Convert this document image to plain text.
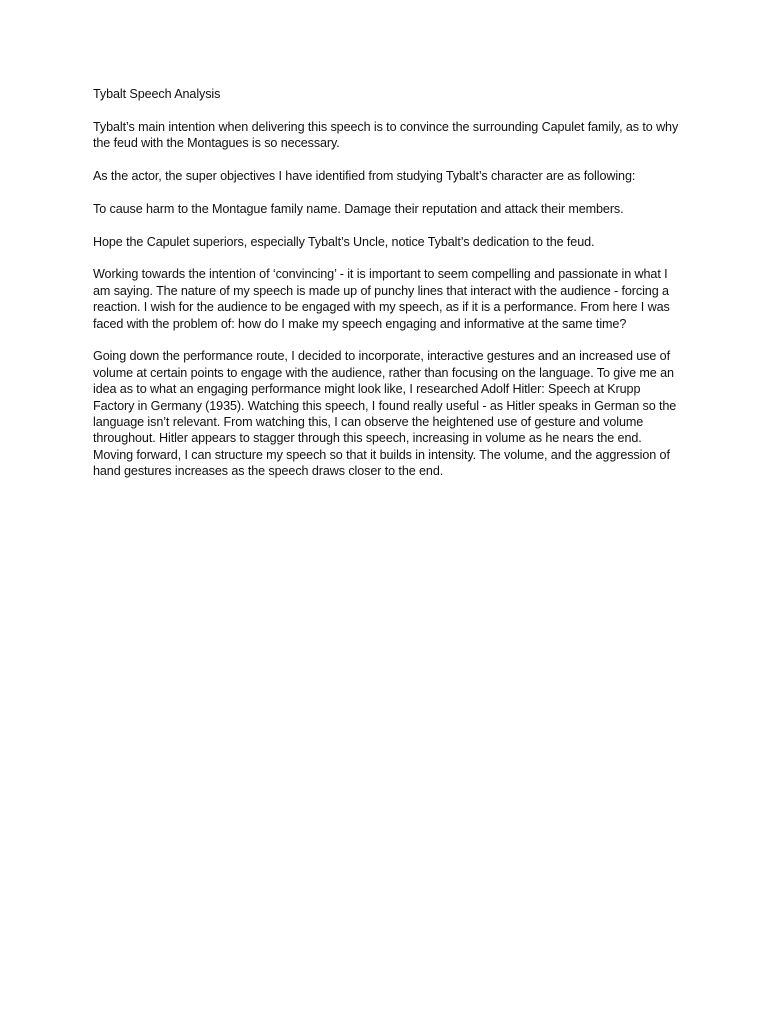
Tybalt Speech Analysis

Tybalt’s main intention when delivering this speech is to convince the surrounding Capulet family, as to why the feud with the Montagues is so necessary.

As the actor, the super objectives I have identified from studying Tybalt’s character are as following:

To cause harm to the Montague family name. Damage their reputation and attack their members.

Hope the Capulet superiors, especially Tybalt’s Uncle, notice Tybalt’s dedication to the feud.

Working towards the intention of ‘convincing’ - it is important to seem compelling and passionate in what I am saying. The nature of my speech is made up of punchy lines that interact with the audience - forcing a reaction. I wish for the audience to be engaged with my speech, as if it is a performance. From here I was faced with the problem of: how do I make my speech engaging and informative at the same time?

Going down the performance route, I decided to incorporate, interactive gestures and an increased use of volume at certain points to engage with the audience, rather than focusing on the language. To give me an idea as to what an engaging performance might look like, I researched Adolf Hitler: Speech at Krupp Factory in Germany (1935). Watching this speech, I found really useful - as Hitler speaks in German so the language isn’t relevant. From watching this, I can observe the heightened use of gesture and volume throughout. Hitler appears to stagger through this speech, increasing in volume as he nears the end. Moving forward, I can structure my speech so that it builds in intensity. The volume, and the aggression of hand gestures increases as the speech draws closer to the end.
